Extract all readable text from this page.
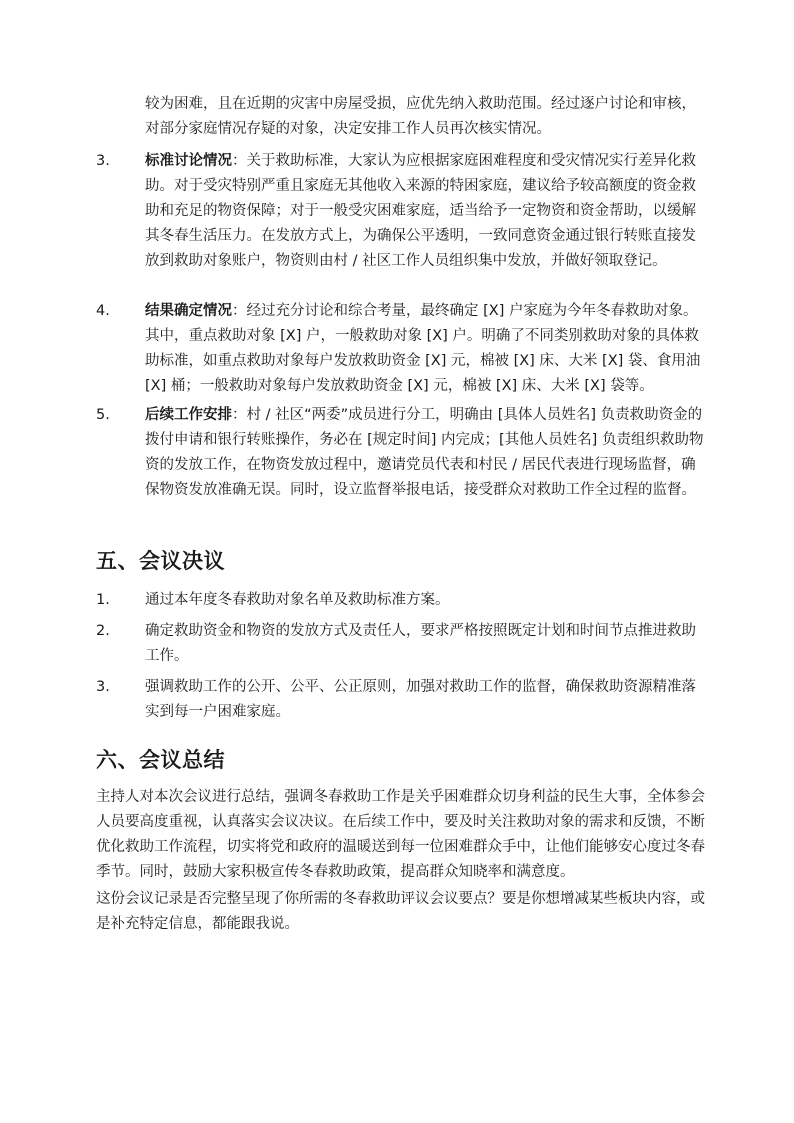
较为困难，且在近期的灾害中房屋受损，应优先纳入救助范围。经过逐户讨论和审核，对部分家庭情况存疑的对象，决定安排工作人员再次核实情况。

3. 标准讨论情况：关于救助标准，大家认为应根据家庭困难程度和受灾情况实行差异化救助。对于受灾特别严重且家庭无其他收入来源的特困家庭，建议给予较高额度的资金救助和充足的物资保障；对于一般受灾困难家庭，适当给予一定物资和资金帮助，以缓解其冬春生活压力。在发放方式上，为确保公平透明，一致同意资金通过银行转账直接发放到救助对象账户，物资则由村 / 社区工作人员组织集中发放，并做好领取登记。

4. 结果确定情况：经过充分讨论和综合考量，最终确定 [X] 户家庭为今年冬春救助对象。其中，重点救助对象 [X] 户，一般救助对象 [X] 户。明确了不同类别救助对象的具体救助标准，如重点救助对象每户发放救助资金 [X] 元，棉被 [X] 床、大米 [X] 袋、食用油 [X] 桶；一般救助对象每户发放救助资金 [X] 元，棉被 [X] 床、大米 [X] 袋等。

5. 后续工作安排：村 / 社区“两委”成员进行分工，明确由 [具体人员姓名] 负责救助资金的拨付申请和银行转账操作，务必在 [规定时间] 内完成；[其他人员姓名] 负责组织救助物资的发放工作，在物资发放过程中，邀请党员代表和村民 / 居民代表进行现场监督，确保物资发放准确无误。同时，设立监督举报电话，接受群众对救助工作全过程的监督。

五、会议决议

1. 通过本年度冬春救助对象名单及救助标准方案。

2. 确定救助资金和物资的发放方式及责任人，要求严格按照既定计划和时间节点推进救助工作。

3. 强调救助工作的公开、公平、公正原则，加强对救助工作的监督，确保救助资源精准落实到每一户困难家庭。

六、会议总结

主持人对本次会议进行总结，强调冬春救助工作是关乎困难群众切身利益的民生大事，全体参会人员要高度重视，认真落实会议决议。在后续工作中，要及时关注救助对象的需求和反馈，不断优化救助工作流程，切实将党和政府的温暖送到每一位困难群众手中，让他们能够安心度过冬春季节。同时，鼓励大家积极宣传冬春救助政策，提高群众知晓率和满意度。

这份会议记录是否完整呈现了你所需的冬春救助评议会议要点？要是你想增减某些板块内容，或是补充特定信息，都能跟我说。
